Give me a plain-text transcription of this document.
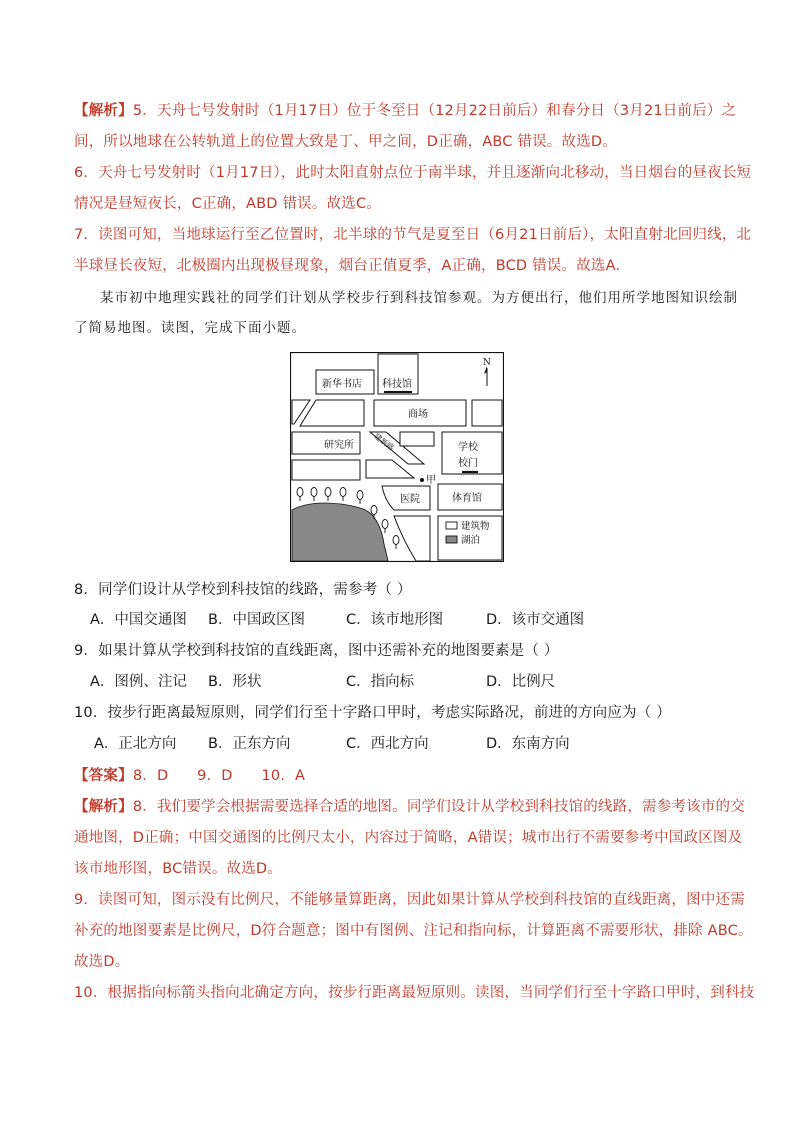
【解析】5．天舟七号发射时（1月17日）位于冬至日（12月22日前后）和春分日（3月21日前后）之
间，所以地球在公转轨道上的位置大致是丁、甲之间，D正确，ABC 错误。故选D。
6．天舟七号发射时（1月17日），此时太阳直射点位于南半球，并且逐渐向北移动，当日烟台的昼夜长短
情况是昼短夜长，C正确，ABD 错误。故选C。
7．读图可知，当地球运行至乙位置时，北半球的节气是夏至日（6月21日前后），太阳直射北回归线，北
半球昼长夜短，北极圈内出现极昼现象，烟台正值夏季，A正确，BCD 错误。故选A.
某市初中地理实践社的同学们计划从学校步行到科技馆参观。为方便出行，他们用所学地图知识绘制
了简易地图。读图，完成下面小题。
新华书店 科技馆
N
商场
研究所 建新路	学校
校门
甲
医院	体育馆
建筑物
湖泊
8．同学们设计从学校到科技馆的线路，需参考（ ）
A．中国交通图 B．中国政区图	C．该市地形图	D．该市交通图
9．如果计算从学校到科技馆的直线距离，图中还需补充的地图要素是（ ）
A．图例、注记 B．形状	C．指向标	D．比例尺
10．按步行距离最短原则，同学们行至十字路口甲时，考虑实际路况，前进的方向应为（ ）
A．正北方向 B．正东方向	C．西北方向	D．东南方向
【答案】8．D      9．D      10．A
【解析】8．我们要学会根据需要选择合适的地图。同学们设计从学校到科技馆的线路，需参考该市的交
通地图，D正确；中国交通图的比例尺太小，内容过于简略，A错误；城市出行不需要参考中国政区图及
该市地形图，BC错误。故选D。
9．读图可知，图示没有比例尺，不能够量算距离，因此如果计算从学校到科技馆的直线距离，图中还需
补充的地图要素是比例尺，D符合题意；图中有图例、注记和指向标，计算距离不需要形状，排除 ABC。
故选D。
10．根据指向标箭头指向北确定方向，按步行距离最短原则。读图，当同学们行至十字路口甲时，到科技
